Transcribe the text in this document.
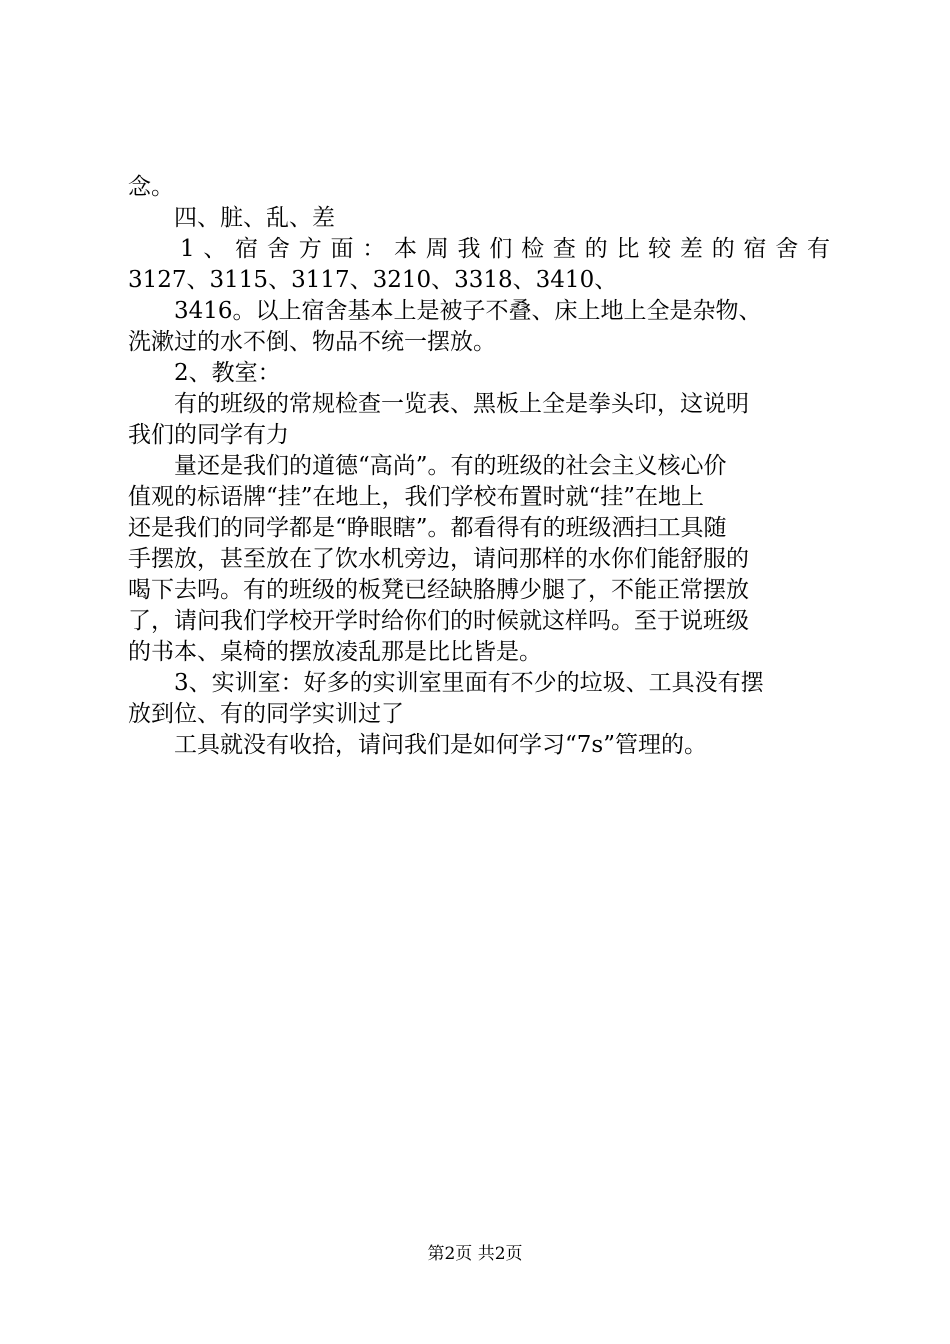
念。
四、脏、乱、差
1、宿舍方面：本周我们检查的比较差的宿舍有
3127、3115、3117、3210、3318、3410、
3416。以上宿舍基本上是被子不叠、床上地上全是杂物、
洗漱过的水不倒、物品不统一摆放。
2、教室：
有的班级的常规检查一览表、黑板上全是拳头印，这说明
我们的同学有力
量还是我们的道德“高尚”。有的班级的社会主义核心价
值观的标语牌“挂”在地上，我们学校布置时就“挂”在地上
还是我们的同学都是“睁眼瞎”。都看得有的班级洒扫工具随
手摆放，甚至放在了饮水机旁边，请问那样的水你们能舒服的
喝下去吗。有的班级的板凳已经缺胳膊少腿了，不能正常摆放
了，请问我们学校开学时给你们的时候就这样吗。至于说班级
的书本、桌椅的摆放凌乱那是比比皆是。
3、实训室：好多的实训室里面有不少的垃圾、工具没有摆
放到位、有的同学实训过了
工具就没有收拾，请问我们是如何学习“7s”管理的。
第2页 共2页
